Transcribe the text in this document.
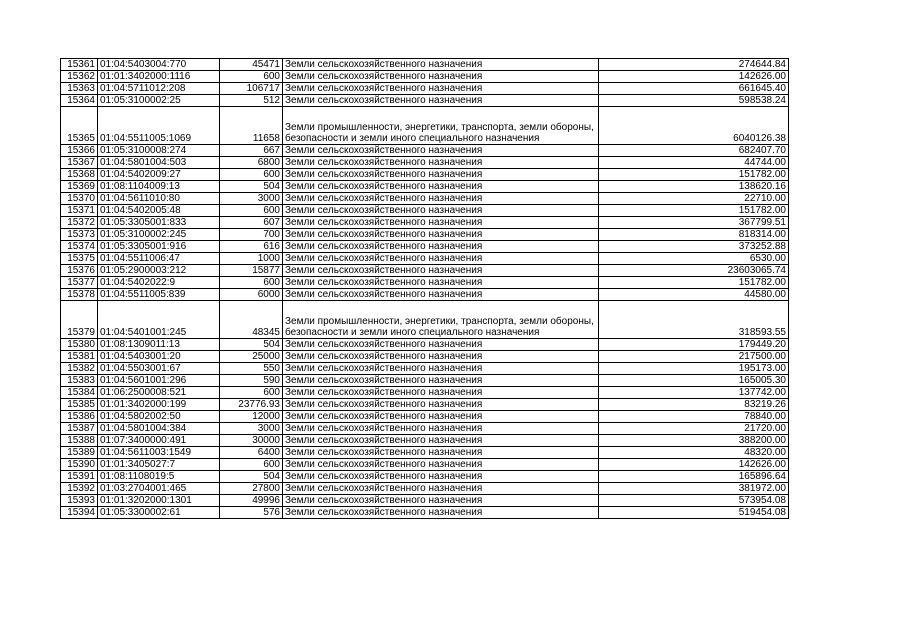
15361	01:04:5403004:770	45471	Земли сельскохозяйственного назначения	274644.84
15362	01:01:3402000:1116	600	Земли сельскохозяйственного назначения	142626.00
15363	01:04:5711012:208	106717	Земли сельскохозяйственного назначения	661645.40
15364	01:05:3100002:25	512	Земли сельскохозяйственного назначения	598538.24
15365	01:04:5511005:1069	11658	Земли промышленности, энергетики, транспорта, земли обороны, безопасности и земли иного специального назначения	6040126.38
15366	01:05:3100008:274	667	Земли сельскохозяйственного назначения	682407.70
15367	01:04:5801004:503	6800	Земли сельскохозяйственного назначения	44744.00
15368	01:04:5402009:27	600	Земли сельскохозяйственного назначения	151782.00
15369	01:08:1104009:13	504	Земли сельскохозяйственного назначения	138620.16
15370	01:04:5611010:80	3000	Земли сельскохозяйственного назначения	22710.00
15371	01:04:5402005:48	600	Земли сельскохозяйственного назначения	151782.00
15372	01:05:3305001:833	607	Земли сельскохозяйственного назначения	367799.51
15373	01:05:3100002:245	700	Земли сельскохозяйственного назначения	818314.00
15374	01:05:3305001:916	616	Земли сельскохозяйственного назначения	373252.88
15375	01:04:5511006:47	1000	Земли сельскохозяйственного назначения	6530.00
15376	01:05:2900003:212	15877	Земли сельскохозяйственного назначения	23603065.74
15377	01:04:5402022:9	600	Земли сельскохозяйственного назначения	151782.00
15378	01:04:5511005:839	6000	Земли сельскохозяйственного назначения	44580.00
15379	01:04:5401001:245	48345	Земли промышленности, энергетики, транспорта, земли обороны, безопасности и земли иного специального назначения	318593.55
15380	01:08:1309011:13	504	Земли сельскохозяйственного назначения	179449.20
15381	01:04:5403001:20	25000	Земли сельскохозяйственного назначения	217500.00
15382	01:04:5503001:67	550	Земли сельскохозяйственного назначения	195173.00
15383	01:04:5601001:296	590	Земли сельскохозяйственного назначения	165005.30
15384	01:06:2500008:521	600	Земли сельскохозяйственного назначения	137742.00
15385	01:01:3402000:199	23776.93	Земли сельскохозяйственного назначения	83219.26
15386	01:04:5802002:50	12000	Земли сельскохозяйственного назначения	78840.00
15387	01:04:5801004:384	3000	Земли сельскохозяйственного назначения	21720.00
15388	01:07:3400000:491	30000	Земли сельскохозяйственного назначения	388200.00
15389	01:04:5611003:1549	6400	Земли сельскохозяйственного назначения	48320.00
15390	01:01:3405027:7	600	Земли сельскохозяйственного назначения	142626.00
15391	01:08:1108019:5	504	Земли сельскохозяйственного назначения	165896.64
15392	01:03:2704001:465	27800	Земли сельскохозяйственного назначения	381972.00
15393	01:01:3202000:1301	49996	Земли сельскохозяйственного назначения	573954.08
15394	01:05:3300002:61	576	Земли сельскохозяйственного назначения	519454.08
